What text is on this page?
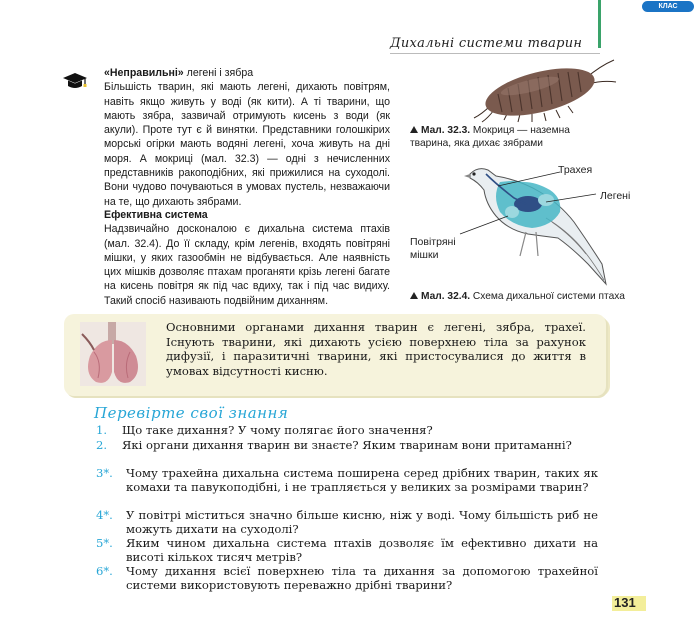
КЛАС
Дихальні системи тварин
«Неправильні» легені і зябра

Більшість тварин, які мають легені, дихають повітрям, навіть якщо живуть у воді (як кити). А ті тварини, що мають зябра, зазвичай отримують кисень з води (як акули). Проте тут є й винятки. Представники голошкірих морські огірки мають водяні легені, хоча живуть на дні моря. А мокриці (мал. 32.3) — одні з нечисленних представників ракоподібних, які прижилися на суходолі. Вони чудово почуваються в умовах пустель, незважаючи на те, що дихають зябрами.

Ефективна система

Надзвичайно досконалою є дихальна система птахів (мал. 32.4). До її складу, крім легенів, входять повітряні мішки, у яких газообмін не відбувається. Але наявність цих мішків дозволяє птахам проганяти крізь легені багате на кисень повітря як під час вдиху, так і під час видиху. Такий спосіб називають подвійним диханням.

Мал. 32.3. Мокриця — наземна тварина, яка дихає зябрами
Трахея
Легені
Повітряні
мішки
Мал. 32.4. Схема дихальної системи птаха
Основними органами дихання тварин є легені, зябра, трахеї. Існують тварини, які дихають усією поверхнею тіла за рахунок дифузії, і паразитичні тварини, які пристосувалися до життя в умовах відсутності кисню.
Перевірте свої знання
1. Що таке дихання? У чому полягає його значення?
2. Які органи дихання тварин ви знаєте? Яким тваринам вони притаманні?
3*. Чому трахейна дихальна система поширена серед дрібних тварин, таких як комахи та павукоподібні, і не трапляється у великих за розмірами тварин?
4*. У повітрі міститься значно більше кисню, ніж у воді. Чому більшість риб не можуть дихати на суходолі?
5*. Яким чином дихальна система птахів дозволяє їм ефективно дихати на висоті кількох тисяч метрів?
6*. Чому дихання всієї поверхнею тіла та дихання за допомогою трахейної системи використовують переважно дрібні тварини?
131
